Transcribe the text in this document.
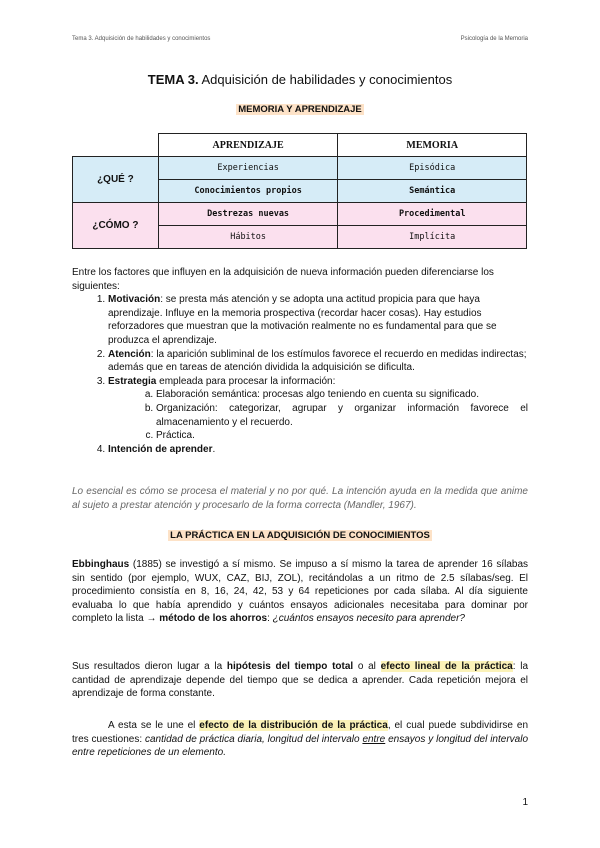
Tema 3. Adquisición de habilidades y conocimientos	Psicología de la Memoria
TEMA 3. Adquisición de habilidades y conocimientos
MEMORIA Y APRENDIZAJE
	APRENDIZAJE	MEMORIA
¿QUÉ ?	Experiencias	Episódica
	Conocimientos propios	Semántica
¿CÓMO ?	Destrezas nuevas	Procedimental
	Hábitos	Implícita
Entre los factores que influyen en la adquisición de nueva información pueden diferenciarse los siguientes:
1. Motivación: se presta más atención y se adopta una actitud propicia para que haya aprendizaje. Influye en la memoria prospectiva (recordar hacer cosas). Hay estudios reforzadores que muestran que la motivación realmente no es fundamental para que se produzca el aprendizaje.
2. Atención: la aparición subliminal de los estímulos favorece el recuerdo en medidas indirectas; además que en tareas de atención dividida la adquisición se dificulta.
3. Estrategia empleada para procesar la información:
a. Elaboración semántica: procesas algo teniendo en cuenta su significado.
b. Organización: categorizar, agrupar y organizar información favorece el almacenamiento y el recuerdo.
c. Práctica.
4. Intención de aprender.
Lo esencial es cómo se procesa el material y no por qué. La intención ayuda en la medida que anime al sujeto a prestar atención y procesarlo de la forma correcta (Mandler, 1967).
LA PRÁCTICA EN LA ADQUISICIÓN DE CONOCIMIENTOS
Ebbinghaus (1885) se investigó a sí mismo. Se impuso a sí mismo la tarea de aprender 16 sílabas sin sentido (por ejemplo, WUX, CAZ, BIJ, ZOL), recitándolas a un ritmo de 2.5 sílabas/seg. El procedimiento consistía en 8, 16, 24, 42, 53 y 64 repeticiones por cada sílaba. Al día siguiente evaluaba lo que había aprendido y cuántos ensayos adicionales necesitaba para dominar por completo la lista → método de los ahorros: ¿cuántos ensayos necesito para aprender?
Sus resultados dieron lugar a la hipótesis del tiempo total o al efecto lineal de la práctica: la cantidad de aprendizaje depende del tiempo que se dedica a aprender. Cada repetición mejora el aprendizaje de forma constante.
A esta se le une el efecto de la distribución de la práctica, el cual puede subdividirse en tres cuestiones: cantidad de práctica diaria, longitud del intervalo entre ensayos y longitud del intervalo entre repeticiones de un elemento.
1
